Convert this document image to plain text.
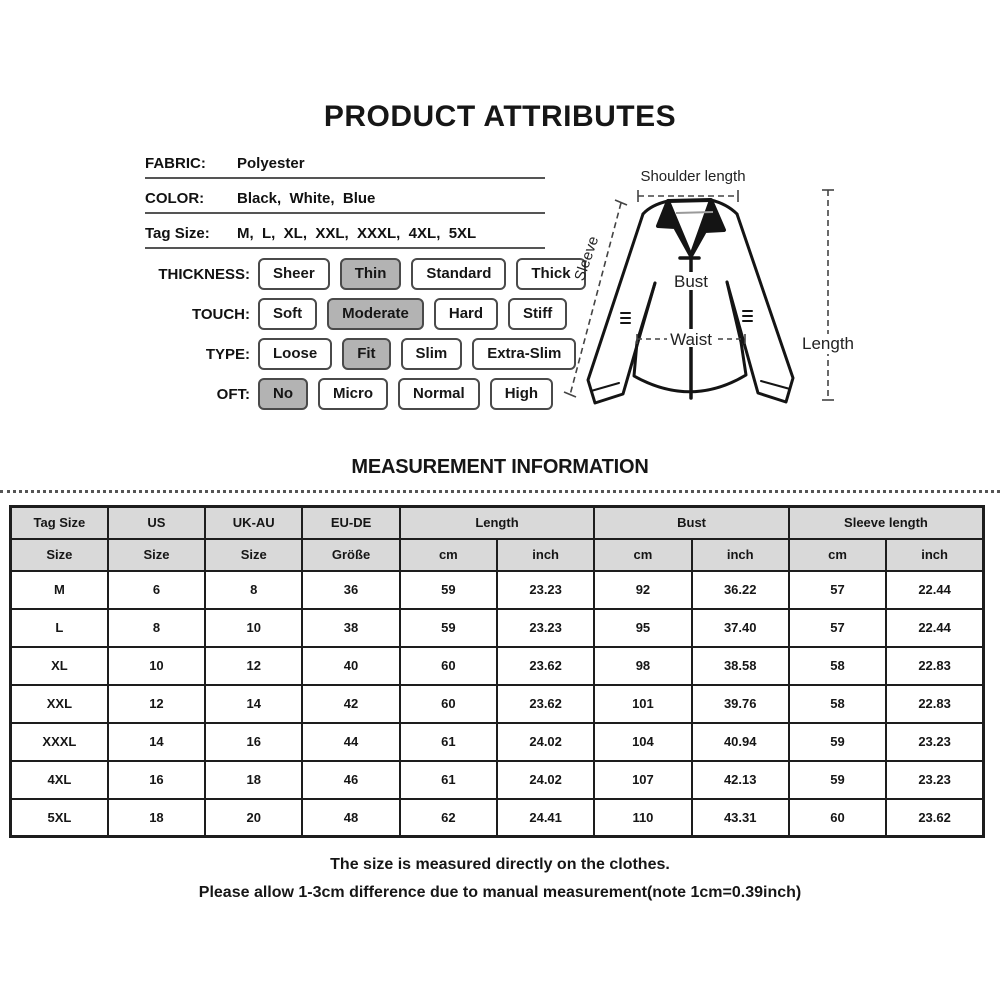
PRODUCT ATTRIBUTES
FABRIC:	Polyester
COLOR:	Black,  White,  Blue
Tag Size:	M,  L,  XL,  XXL,  XXXL,  4XL,  5XL
THICKNESS:	Sheer	Thin	Standard	Thick
TOUCH:	Soft	Moderate	Hard	Stiff
TYPE:	Loose	Fit	Slim	Extra-Slim
OFT:	No	Micro	Normal	High
Shoulder length
Sleeve	Bust
Waist	Length
MEASUREMENT INFORMATION
Tag Size	US	UK-AU	EU-DE	Length		Bust		Sleeve length	
Size	Size	Size	Größe	cm	inch	cm	inch	cm	inch
M	6	8	36	59	23.23	92	36.22	57	22.44
L	8	10	38	59	23.23	95	37.40	57	22.44
XL	10	12	40	60	23.62	98	38.58	58	22.83
XXL	12	14	42	60	23.62	101	39.76	58	22.83
XXXL	14	16	44	61	24.02	104	40.94	59	23.23
4XL	16	18	46	61	24.02	107	42.13	59	23.23
5XL	18	20	48	62	24.41	110	43.31	60	23.62
The size is measured directly on the clothes.
Please allow 1-3cm difference due to manual measurement(note 1cm=0.39inch)
